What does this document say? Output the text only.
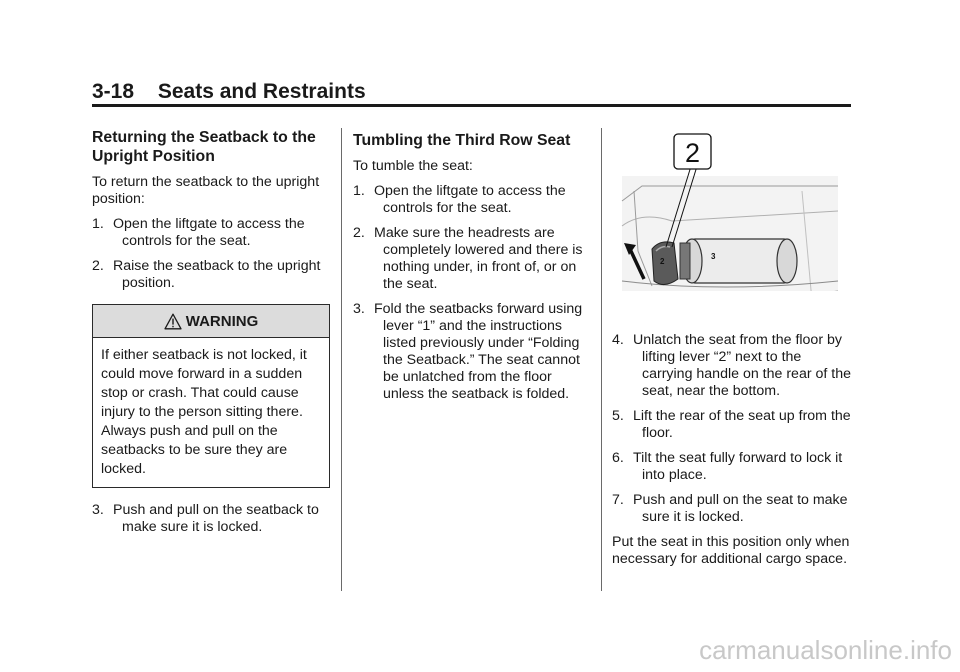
3-18 Seats and Restraints
Returning the Seatback to the Upright Position

To return the seatback to the upright position:

1. Open the liftgate to access the controls for the seat.
2. Raise the seatback to the upright position.
WARNING
If either seatback is not locked, it could move forward in a sudden stop or crash. That could cause injury to the person sitting there. Always push and pull on the seatbacks to be sure they are locked.
3. Push and pull on the seatback to make sure it is locked.
Tumbling the Third Row Seat

To tumble the seat:

1. Open the liftgate to access the controls for the seat.
2. Make sure the headrests are completely lowered and there is nothing under, in front of, or on the seat.
3. Fold the seatbacks forward using lever “1” and the instructions listed previously under “Folding the Seatback.” The seat cannot be unlatched from the floor unless the seatback is folded.
2
3
2
4. Unlatch the seat from the floor by lifting lever “2” next to the carrying handle on the rear of the seat, near the bottom.
5. Lift the rear of the seat up from the floor.
6. Tilt the seat fully forward to lock it into place.
7. Push and pull on the seat to make sure it is locked.

Put the seat in this position only when necessary for additional cargo space.

carmanualsonline.info
